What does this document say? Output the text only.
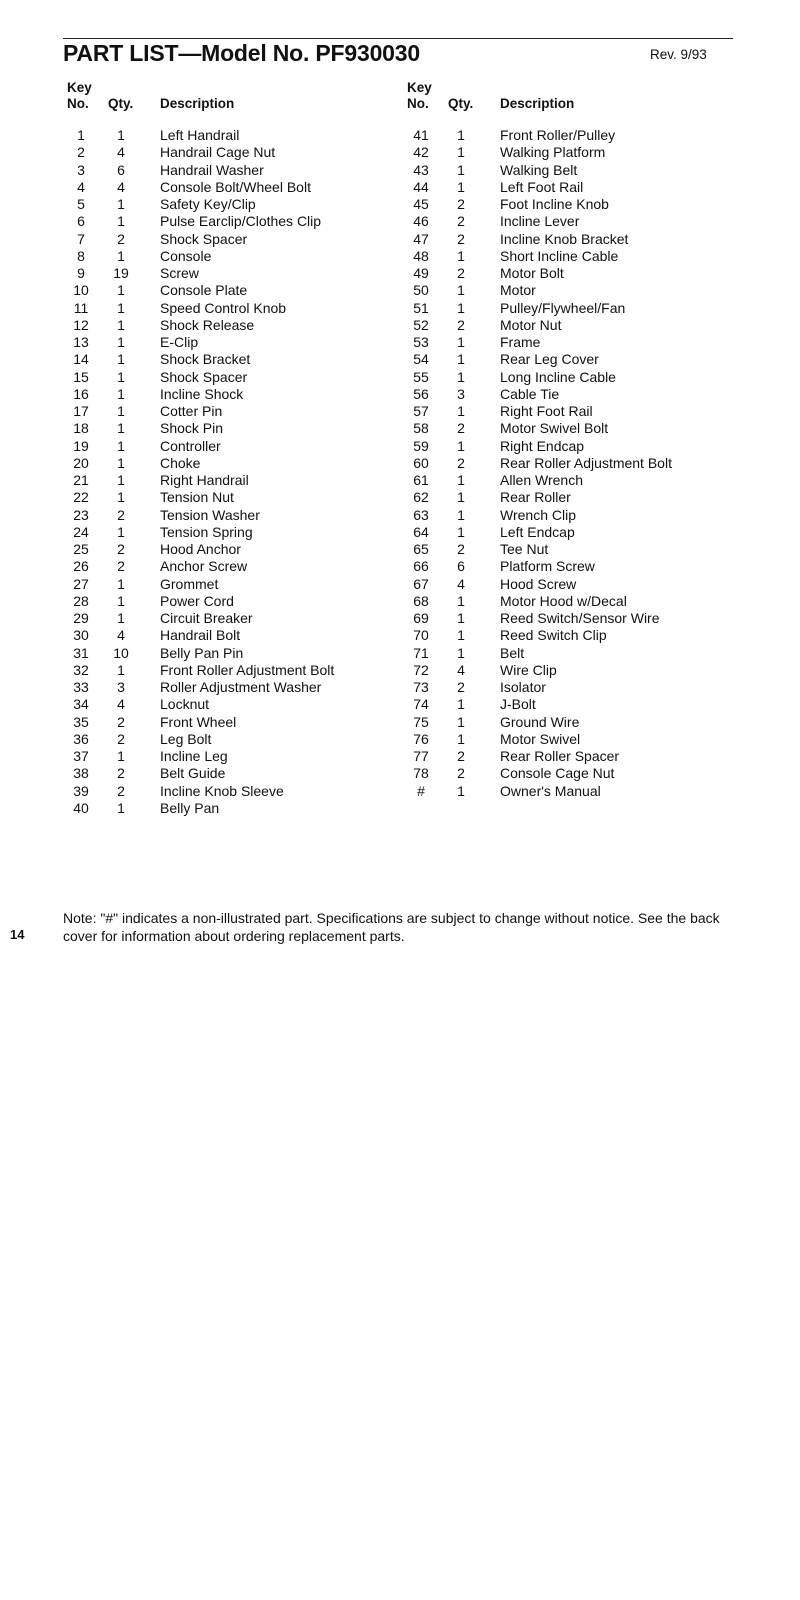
PART LIST—Model No. PF930030	Rev. 9/93
Key
No. Qty. Description
1	1	Left Handrail
2	4	Handrail Cage Nut
3	6	Handrail Washer
4	4	Console Bolt/Wheel Bolt
5	1	Safety Key/Clip
6	1	Pulse Earclip/Clothes Clip
7	2	Shock Spacer
8	1	Console
9	19	Screw
10	1	Console Plate
11	1	Speed Control Knob
12	1	Shock Release
13	1	E-Clip
14	1	Shock Bracket
15	1	Shock Spacer
16	1	Incline Shock
17	1	Cotter Pin
18	1	Shock Pin
19	1	Controller
20	1	Choke
21	1	Right Handrail
22	1	Tension Nut
23	2	Tension Washer
24	1	Tension Spring
25	2	Hood Anchor
26	2	Anchor Screw
27	1	Grommet
28	1	Power Cord
29	1	Circuit Breaker
30	4	Handrail Bolt
31	10	Belly Pan Pin
32	1	Front Roller Adjustment Bolt
33	3	Roller Adjustment Washer
34	4	Locknut
35	2	Front Wheel
36	2	Leg Bolt
37	1	Incline Leg
38	2	Belt Guide
39	2	Incline Knob Sleeve
40	1	Belly Pan
Key
No. Qty. Description
41	1	Front Roller/Pulley
42	1	Walking Platform
43	1	Walking Belt
44	1	Left Foot Rail
45	2	Foot Incline Knob
46	2	Incline Lever
47	2	Incline Knob Bracket
48	1	Short Incline Cable
49	2	Motor Bolt
50	1	Motor
51	1	Pulley/Flywheel/Fan
52	2	Motor Nut
53	1	Frame
54	1	Rear Leg Cover
55	1	Long Incline Cable
56	3	Cable Tie
57	1	Right Foot Rail
58	2	Motor Swivel Bolt
59	1	Right Endcap
60	2	Rear Roller Adjustment Bolt
61	1	Allen Wrench
62	1	Rear Roller
63	1	Wrench Clip
64	1	Left Endcap
65	2	Tee Nut
66	6	Platform Screw
67	4	Hood Screw
68	1	Motor Hood w/Decal
69	1	Reed Switch/Sensor Wire
70	1	Reed Switch Clip
71	1	Belt
72	4	Wire Clip
73	2	Isolator
74	1	J-Bolt
75	1	Ground Wire
76	1	Motor Swivel
77	2	Rear Roller Spacer
78	2	Console Cage Nut
#	1	Owner's Manual
Note: "#" indicates a non-illustrated part. Specifications are subject to change without notice. See the back cover for information about ordering replacement parts.
14
